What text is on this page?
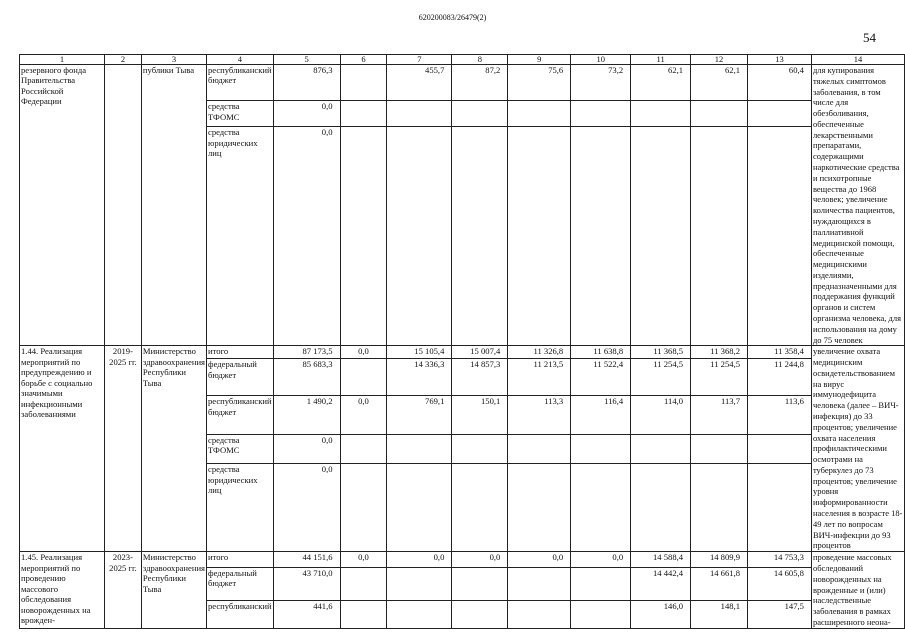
620200083/26479(2)
54
1	2	3	4	5	6	7	8	9	10	11	12	13	14
резервного фонда Правительства Российской Федерации		публики Тыва	республиканский бюджет	876,3		455,7	87,2	75,6	73,2	62,1	62,1	60,4	для купирования тяжелых симптомов заболевания, в том числе для обезболивания, обеспеченные лекарственными препаратами, содержащими наркотические средства и психотропные вещества до 1968 человек; увеличение количества пациентов, нуждающихся в паллиативной медицинской помощи, обеспеченные медицинскими изделиями, предназначенными для поддержания функций органов и систем организма человека, для использования на дому до 75 человек
			средства ТФОМС	0,0									
			средства юридических лиц	0,0									
1.44. Реализация мероприятий по предупреждению и борьбе с социально значимыми инфекционными заболеваниями	2019-2025 гг.	Министерство здравоохранения Республики Тыва	итого	87 173,5	0,0	15 105,4	15 007,4	11 326,8	11 638,8	11 368,5	11 368,2	11 358,4	увеличение охвата медицинским освидетельствованием на вирус иммунодефицита человека (далее – ВИЧ-инфекция) до 33 процентов; увеличение охвата населения профилактическими осмотрами на туберкулез до 73 процентов; увеличение уровня информированности населения в возрасте 18-49 лет по вопросам ВИЧ-инфекции до 93 процентов
			федеральный бюджет	85 683,3		14 336,3	14 857,3	11 213,5	11 522,4	11 254,5	11 254,5	11 244,8	
			республиканский бюджет	1 490,2	0,0	769,1	150,1	113,3	116,4	114,0	113,7	113,6	
			средства ТФОМС	0,0									
			средства юридических лиц	0,0									
1.45. Реализация мероприятий по проведению массового обследования новорожденных на врожден-	2023-2025 гг.	Министерство здравоохранения Республики Тыва	итого	44 151,6	0,0	0,0	0,0	0,0	0,0	14 588,4	14 809,9	14 753,3	проведение массовых обследований новорожденных на врожденные и (или) наследственные заболевания в рамках расширенного неона-
			федеральный бюджет	43 710,0						14 442,4	14 661,8	14 605,8	
			республиканский	441,6						146,0	148,1	147,5	
